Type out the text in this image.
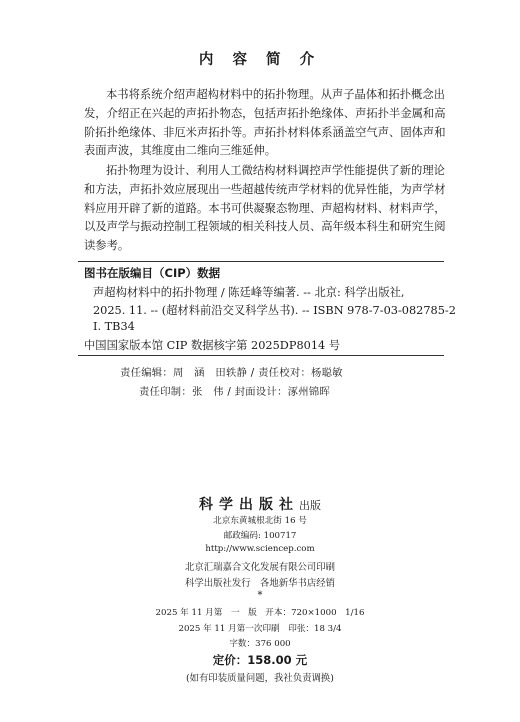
内 容 简 介
本书将系统介绍声超构材料中的拓扑物理。从声子晶体和拓扑概念出
发，介绍正在兴起的声拓扑物态，包括声拓扑绝缘体、声拓扑半金属和高
阶拓扑绝缘体、非厄米声拓扑等。声拓扑材料体系涵盖空气声、固体声和
表面声波，其维度由二维向三维延伸。
拓扑物理为设计、利用人工微结构材料调控声学性能提供了新的理论
和方法，声拓扑效应展现出一些超越传统声学材料的优异性能，为声学材
料应用开辟了新的道路。本书可供凝聚态物理、声超构材料、材料声学，
以及声学与振动控制工程领域的相关科技人员、高年级本科生和研究生阅
读参考。
图书在版编目（CIP）数据
声超构材料中的拓扑物理 / 陈廷峰等编著. -- 北京: 科学出版社,
2025. 11. -- (超材料前沿交叉科学丛书). -- ISBN 978-7-03-082785-2
I. TB34
中国国家版本馆 CIP 数据核字第 2025DP8014 号
责任编辑：周　涵　田轶静 / 责任校对：杨聪敏
责任印制：张　伟 / 封面设计：涿州锦晖
科学出版社出版
北京东黄城根北街 16 号
邮政编码: 100717
http://www.sciencep.com
北京汇瑞嘉合文化发展有限公司印刷
科学出版社发行　各地新华书店经销
*
2025 年 11 月第　一　版　开本：720×1000　1/16
2025 年 11 月第一次印刷　印张：18 3/4
字数：376 000
定价：158.00 元
(如有印装质量问题，我社负责调换)
